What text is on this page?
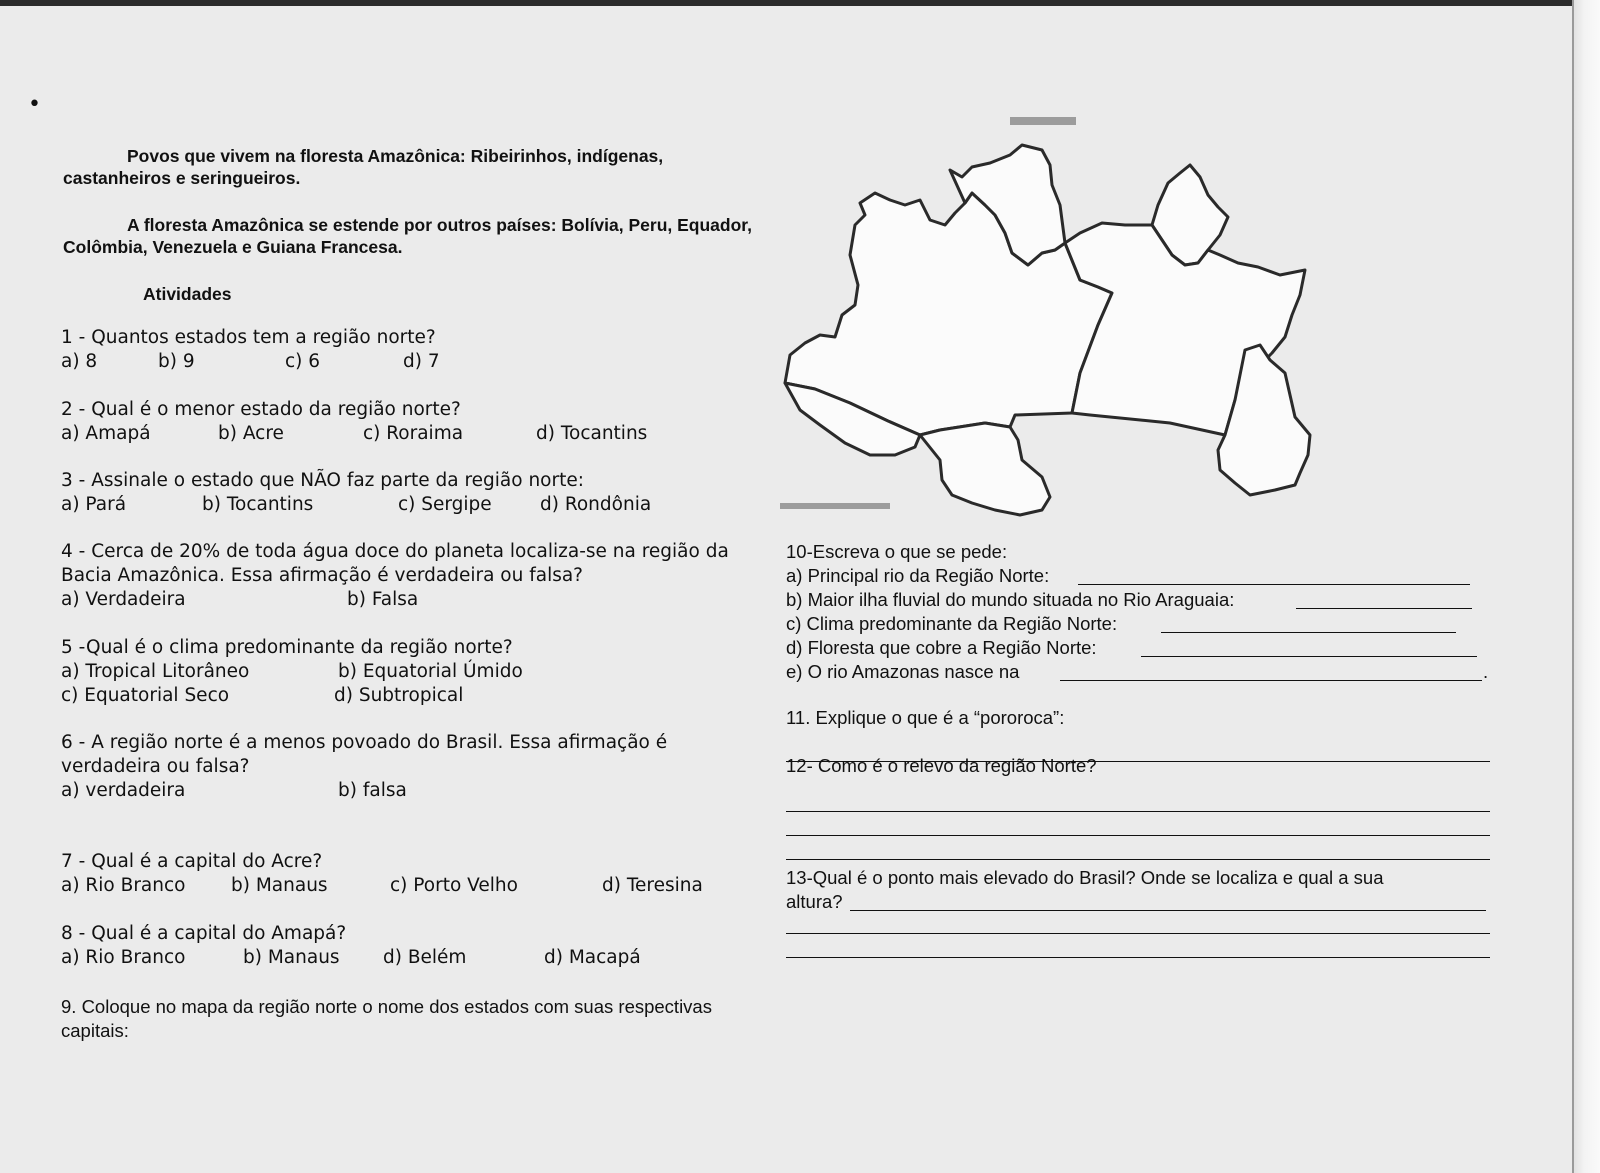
•
Povos que vivem na floresta Amazônica: Ribeirinhos, indígenas, castanheiros e seringueiros.
A floresta Amazônica se estende por outros países: Bolívia, Peru, Equador, Colômbia, Venezuela e Guiana Francesa.
Atividades
1 - Quantos estados tem a região norte?
a) 8	b) 9	c) 6	d) 7
2 - Qual é o menor estado da região norte?
a) Amapá	b) Acre	c) Roraima	d) Tocantins
3 - Assinale o estado que NÃO faz parte da região norte:
a) Pará	b) Tocantins	c) Sergipe	d) Rondônia
4 - Cerca de 20% de toda água doce do planeta localiza-se na região da Bacia Amazônica. Essa afirmação é verdadeira ou falsa?
a) Verdadeira	b) Falsa
5 -Qual é o clima predominante da região norte?
a) Tropical Litorâneo	b) Equatorial Úmido
c) Equatorial Seco	d) Subtropical
6 - A região norte é a menos povoado do Brasil. Essa afirmação é verdadeira ou falsa?
a) verdadeira	b) falsa
7 - Qual é a capital do Acre?
a) Rio Branco b) Manaus	c) Porto Velho	d) Teresina
8 - Qual é a capital do Amapá?
a) Rio Branco	b) Manaus d) Belém	d) Macapá
9. Coloque no mapa da região norte o nome dos estados com suas respectivas capitais:
10-Escreva o que se pede:
a) Principal rio da Região Norte:
b) Maior ilha fluvial do mundo situada no Rio Araguaia:
c) Clima predominante da Região Norte:
d) Floresta que cobre a Região Norte:
e) O rio Amazonas nasce na	.
11. Explique o que é a “pororoca”:
12- Como é o relevo da região Norte?
13-Qual é o ponto mais elevado do Brasil? Onde se localiza e qual a sua
altura?
